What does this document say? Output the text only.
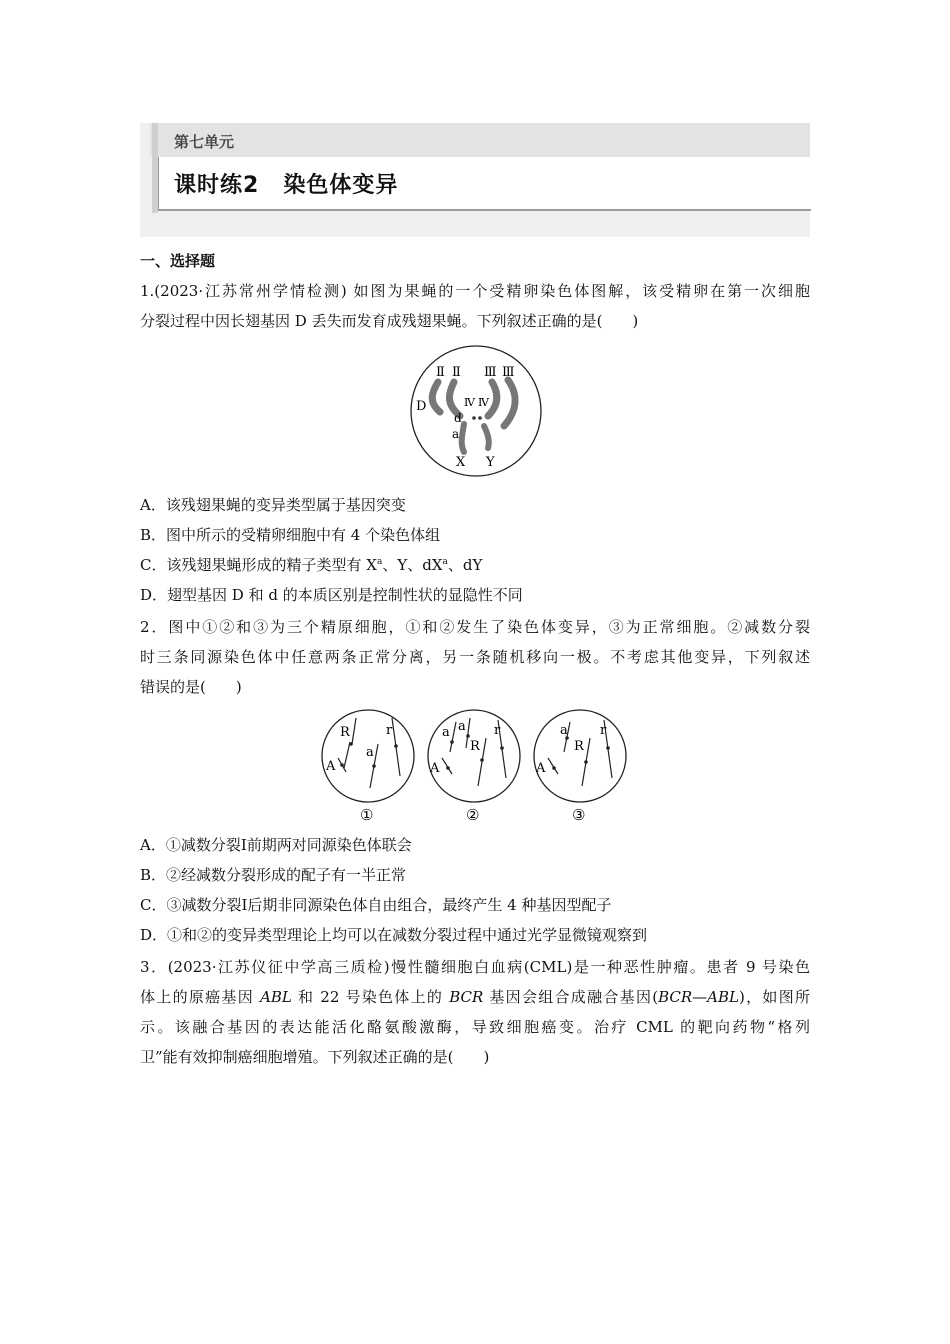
第七单元
课时练2 染色体变异
一、选择题
1.(2023·江苏常州学情检测) 如图为果蝇的一个受精卵染色体图解，该受精卵在第一次细胞
分裂过程中因长翅基因 D 丢失而发育成残翅果蝇。下列叙述正确的是(　　)
Ⅱ Ⅱ Ⅲ Ⅲ
D	Ⅳ Ⅳ
d
a
X Y
A．该残翅果蝇的变异类型属于基因突变
B．图中所示的受精卵细胞中有 4 个染色体组
C．该残翅果蝇形成的精子类型有 $X^a$、Y、$dX^a$、dY
D．翅型基因 D 和 d 的本质区别是控制性状的显隐性不同
2．图中①②和③为三个精原细胞，①和②发生了染色体变异，③为正常细胞。②减数分裂
时三条同源染色体中任意两条正常分离，另一条随机移向一极。不考虑其他变异，下列叙述
错误的是(　　)
R	r
a
A
①
a a
R
r
A
②
a
R
r
A
③
A．①减数分裂Ⅰ前期两对同源染色体联会
B．②经减数分裂形成的配子有一半正常
C．③减数分裂Ⅰ后期非同源染色体自由组合，最终产生 4 种基因型配子
D．①和②的变异类型理论上均可以在减数分裂过程中通过光学显微镜观察到
3．(2023·江苏仪征中学高三质检)慢性髓细胞白血病(CML)是一种恶性肿瘤。患者 9 号染色
体上的原癌基因 ABL 和 22 号染色体上的 BCR 基因会组合成融合基因(BCR—ABL)，如图所
示。该融合基因的表达能活化酪氨酸激酶，导致细胞癌变。治疗 CML 的靶向药物“格列
卫”能有效抑制癌细胞增殖。下列叙述正确的是(　　)
